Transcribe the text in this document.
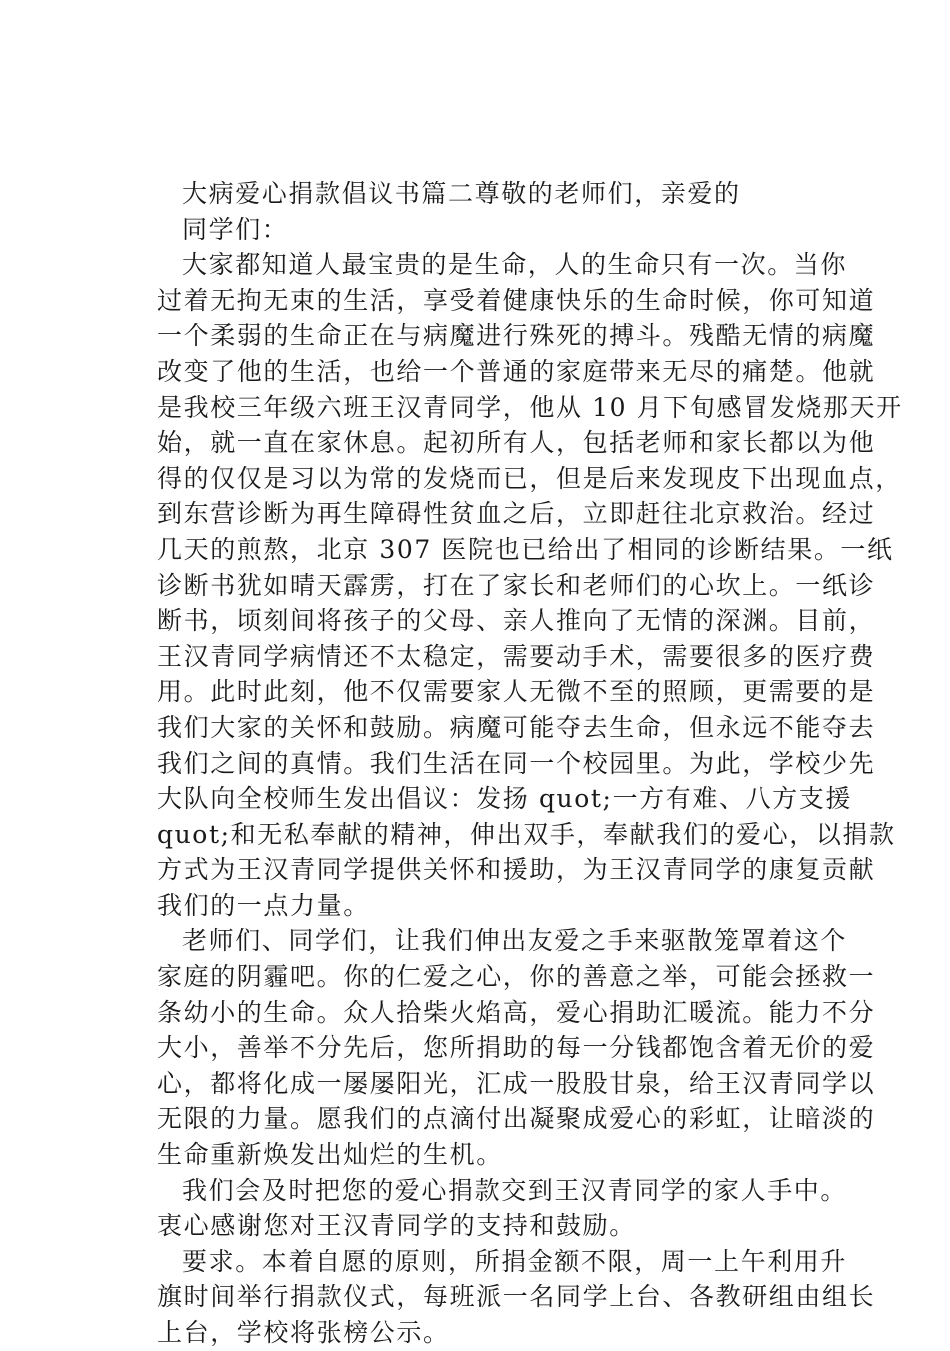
大病爱心捐款倡议书篇二尊敬的老师们，亲爱的
同学们：
大家都知道人最宝贵的是生命，人的生命只有一次。当你
过着无拘无束的生活，享受着健康快乐的生命时候，你可知道
一个柔弱的生命正在与病魔进行殊死的搏斗。残酷无情的病魔
改变了他的生活，也给一个普通的家庭带来无尽的痛楚。他就
是我校三年级六班王汉青同学，他从 10 月下旬感冒发烧那天开
始，就一直在家休息。起初所有人，包括老师和家长都以为他
得的仅仅是习以为常的发烧而已，但是后来发现皮下出现血点，
到东营诊断为再生障碍性贫血之后，立即赶往北京救治。经过
几天的煎熬，北京 307 医院也已给出了相同的诊断结果。一纸
诊断书犹如晴天霹雳，打在了家长和老师们的心坎上。一纸诊
断书，顷刻间将孩子的父母、亲人推向了无情的深渊。目前，
王汉青同学病情还不太稳定，需要动手术，需要很多的医疗费
用。此时此刻，他不仅需要家人无微不至的照顾，更需要的是
我们大家的关怀和鼓励。病魔可能夺去生命，但永远不能夺去
我们之间的真情。我们生活在同一个校园里。为此，学校少先
大队向全校师生发出倡议：发扬 quot;一方有难、八方支援
quot;和无私奉献的精神，伸出双手，奉献我们的爱心，以捐款
方式为王汉青同学提供关怀和援助，为王汉青同学的康复贡献
我们的一点力量。
老师们、同学们，让我们伸出友爱之手来驱散笼罩着这个
家庭的阴霾吧。你的仁爱之心，你的善意之举，可能会拯救一
条幼小的生命。众人拾柴火焰高，爱心捐助汇暖流。能力不分
大小，善举不分先后，您所捐助的每一分钱都饱含着无价的爱
心，都将化成一屡屡阳光，汇成一股股甘泉，给王汉青同学以
无限的力量。愿我们的点滴付出凝聚成爱心的彩虹，让暗淡的
生命重新焕发出灿烂的生机。
我们会及时把您的爱心捐款交到王汉青同学的家人手中。
衷心感谢您对王汉青同学的支持和鼓励。
要求。本着自愿的原则，所捐金额不限，周一上午利用升
旗时间举行捐款仪式，每班派一名同学上台、各教研组由组长
上台，学校将张榜公示。
